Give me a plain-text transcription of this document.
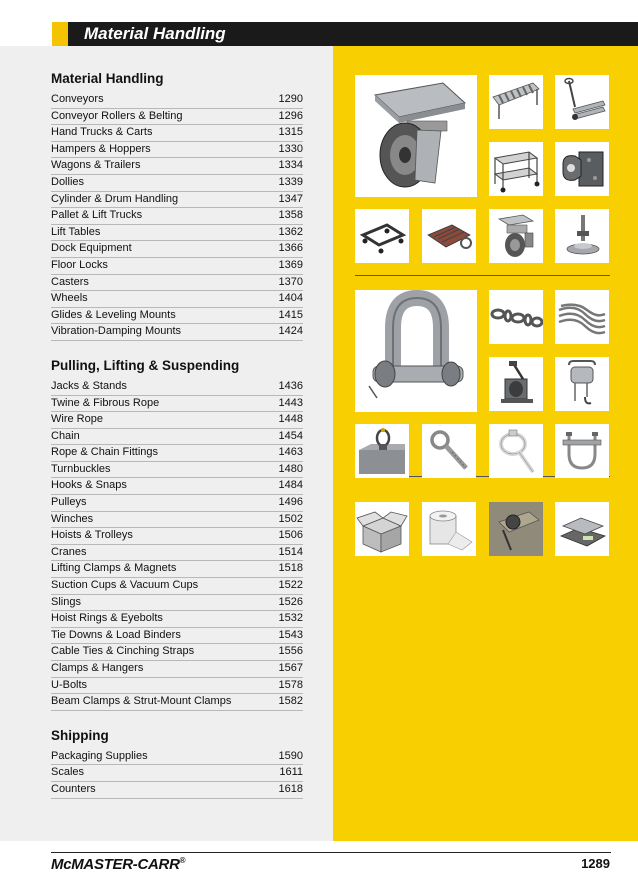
Material Handling
Material Handling
Conveyors	1290
Conveyor Rollers & Belting	1296
Hand Trucks & Carts	1315
Hampers & Hoppers	1330
Wagons & Trailers	1334
Dollies	1339
Cylinder & Drum Handling	1347
Pallet & Lift Trucks	1358
Lift Tables	1362
Dock Equipment	1366
Floor Locks	1369
Casters	1370
Wheels	1404
Glides & Leveling Mounts	1415
Vibration-Damping Mounts	1424
Pulling, Lifting & Suspending
Jacks & Stands	1436
Twine & Fibrous Rope	1443
Wire Rope	1448
Chain	1454
Rope & Chain Fittings	1463
Turnbuckles	1480
Hooks & Snaps	1484
Pulleys	1496
Winches	1502
Hoists & Trolleys	1506
Cranes	1514
Lifting Clamps & Magnets	1518
Suction Cups & Vacuum Cups	1522
Slings	1526
Hoist Rings & Eyebolts	1532
Tie Downs & Load Binders	1543
Cable Ties & Cinching Straps	1556
Clamps & Hangers	1567
U-Bolts	1578
Beam Clamps & Strut-Mount Clamps	1582
Shipping
Packaging Supplies	1590
Scales	1611
Counters	1618
McMASTER-CARR®	1289
